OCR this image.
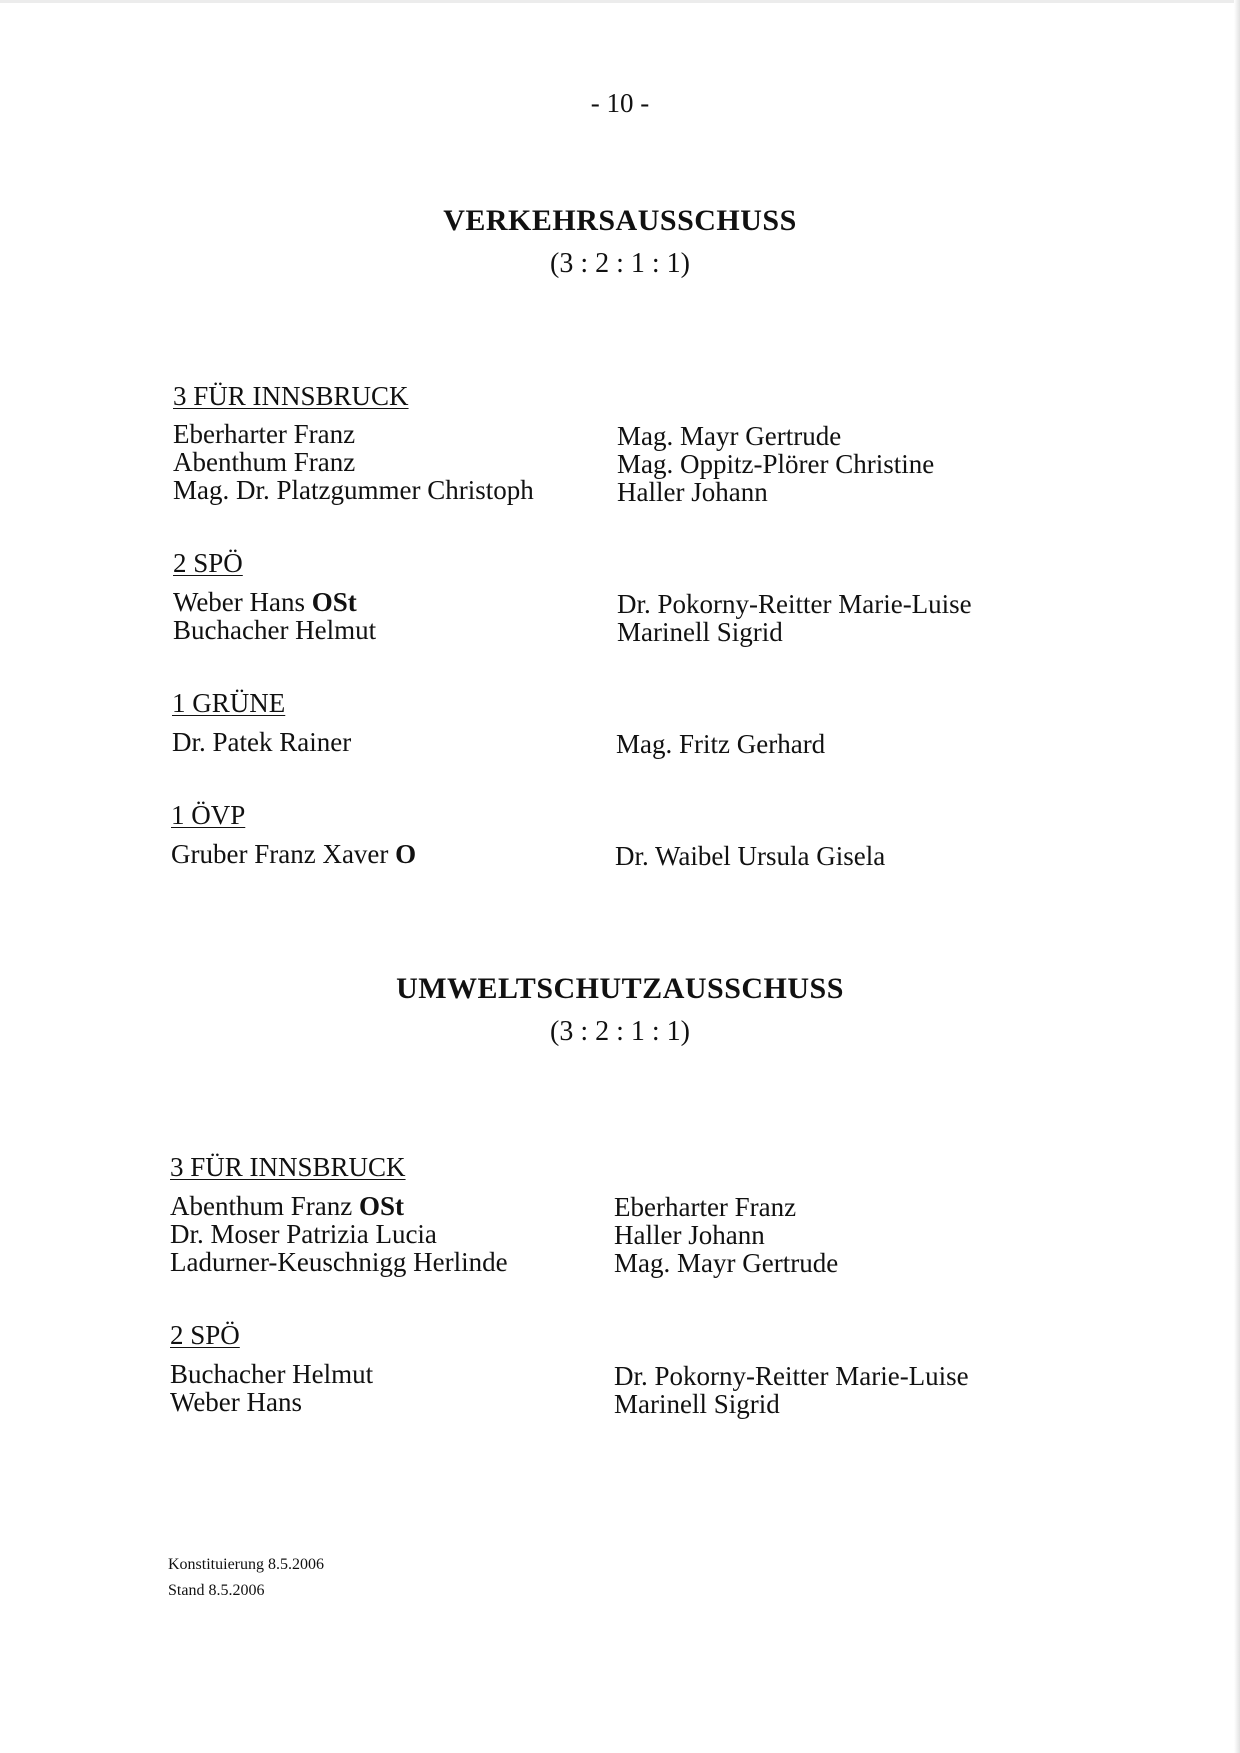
- 10 -
VERKEHRSAUSSCHUSS
(3 : 2 : 1 : 1)
3 FÜR INNSBRUCK
Eberharter Franz
Abenthum Franz
Mag. Dr. Platzgummer Christoph
Mag. Mayr Gertrude
Mag. Oppitz-Plörer Christine
Haller Johann
2 SPÖ
Weber Hans OSt
Buchacher Helmut
Dr. Pokorny-Reitter Marie-Luise
Marinell Sigrid
1 GRÜNE
Dr. Patek Rainer	Mag. Fritz Gerhard
1 ÖVP
Gruber Franz Xaver O	Dr. Waibel Ursula Gisela
UMWELTSCHUTZAUSSCHUSS
(3 : 2 : 1 : 1)
3 FÜR INNSBRUCK
Abenthum Franz OSt
Dr. Moser Patrizia Lucia
Ladurner-Keuschnigg Herlinde
Eberharter Franz
Haller Johann
Mag. Mayr Gertrude
2 SPÖ
Buchacher Helmut
Weber Hans
Dr. Pokorny-Reitter Marie-Luise
Marinell Sigrid
Konstituierung 8.5.2006
Stand 8.5.2006
